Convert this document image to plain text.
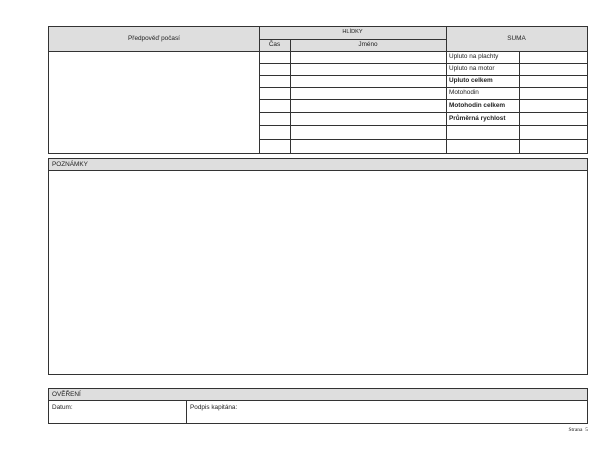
Předpověď počasí
HLÍDKY
Čas	Jméno
SUMA
Upluto na plachty
Upluto na motor
Upluto celkem
Motohodin
Motohodin celkem
Průměrná rychlost
POZNÁMKY
OVĚŘENÍ
Datum:	Podpis kapitána:
Strana 5
